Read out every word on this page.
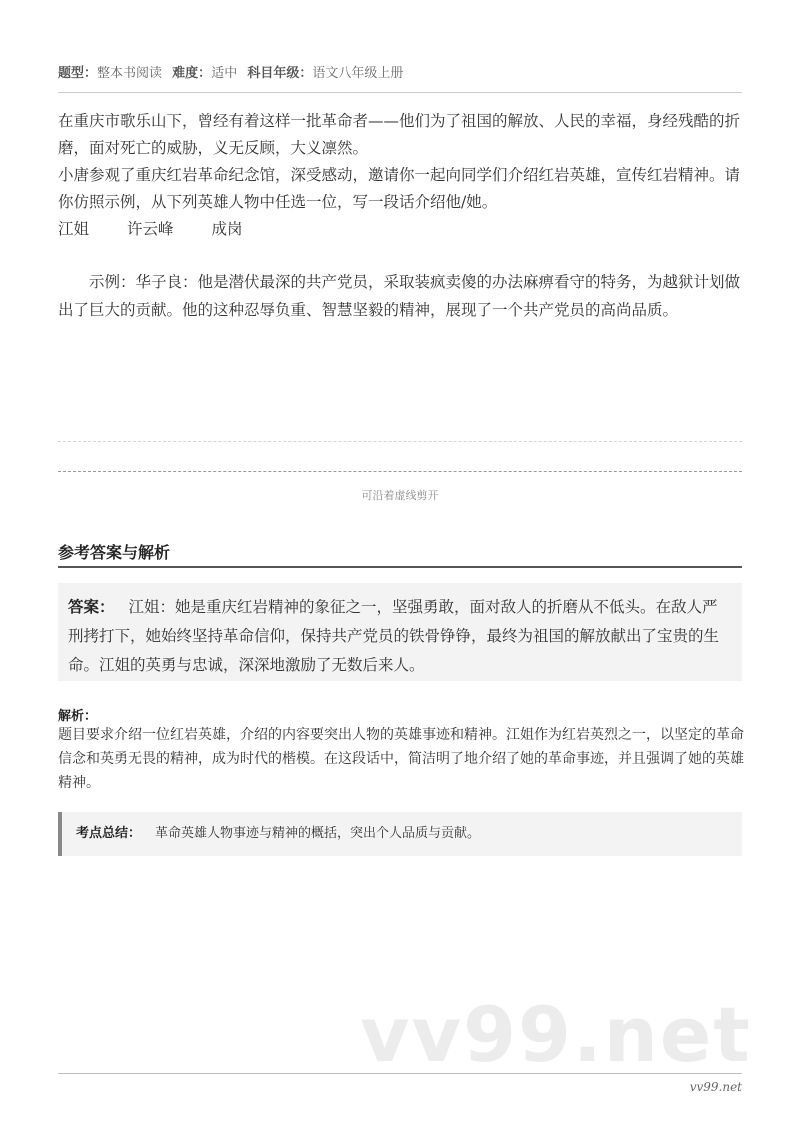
题型：整本书阅读 难度：适中 科目年级：语文八年级上册

在重庆市歌乐山下，曾经有着这样一批革命者——他们为了祖国的解放、人民的幸福，身经残酷的折磨，面对死亡的威胁，义无反顾，大义凛然。

小唐参观了重庆红岩革命纪念馆，深受感动，邀请你一起向同学们介绍红岩英雄，宣传红岩精神。请你仿照示例，从下列英雄人物中任选一位，写一段话介绍他/她。

江姐 许云峰 成岗

示例：华子良：他是潜伏最深的共产党员，采取装疯卖傻的办法麻痹看守的特务，为越狱计划做出了巨大的贡献。他的这种忍辱负重、智慧坚毅的精神，展现了一个共产党员的高尚品质。

可沿着虚线剪开
参考答案与解析
答案： 江姐：她是重庆红岩精神的象征之一，坚强勇敢，面对敌人的折磨从不低头。在敌人严刑拷打下，她始终坚持革命信仰，保持共产党员的铁骨铮铮，最终为祖国的解放献出了宝贵的生命。江姐的英勇与忠诚，深深地激励了无数后来人。
解析：

题目要求介绍一位红岩英雄，介绍的内容要突出人物的英雄事迹和精神。江姐作为红岩英烈之一，以坚定的革命信念和英勇无畏的精神，成为时代的楷模。在这段话中，简洁明了地介绍了她的革命事迹，并且强调了她的英雄精神。

考点总结： 革命英雄人物事迹与精神的概括，突出个人品质与贡献。
vv99.net
vv99.net
